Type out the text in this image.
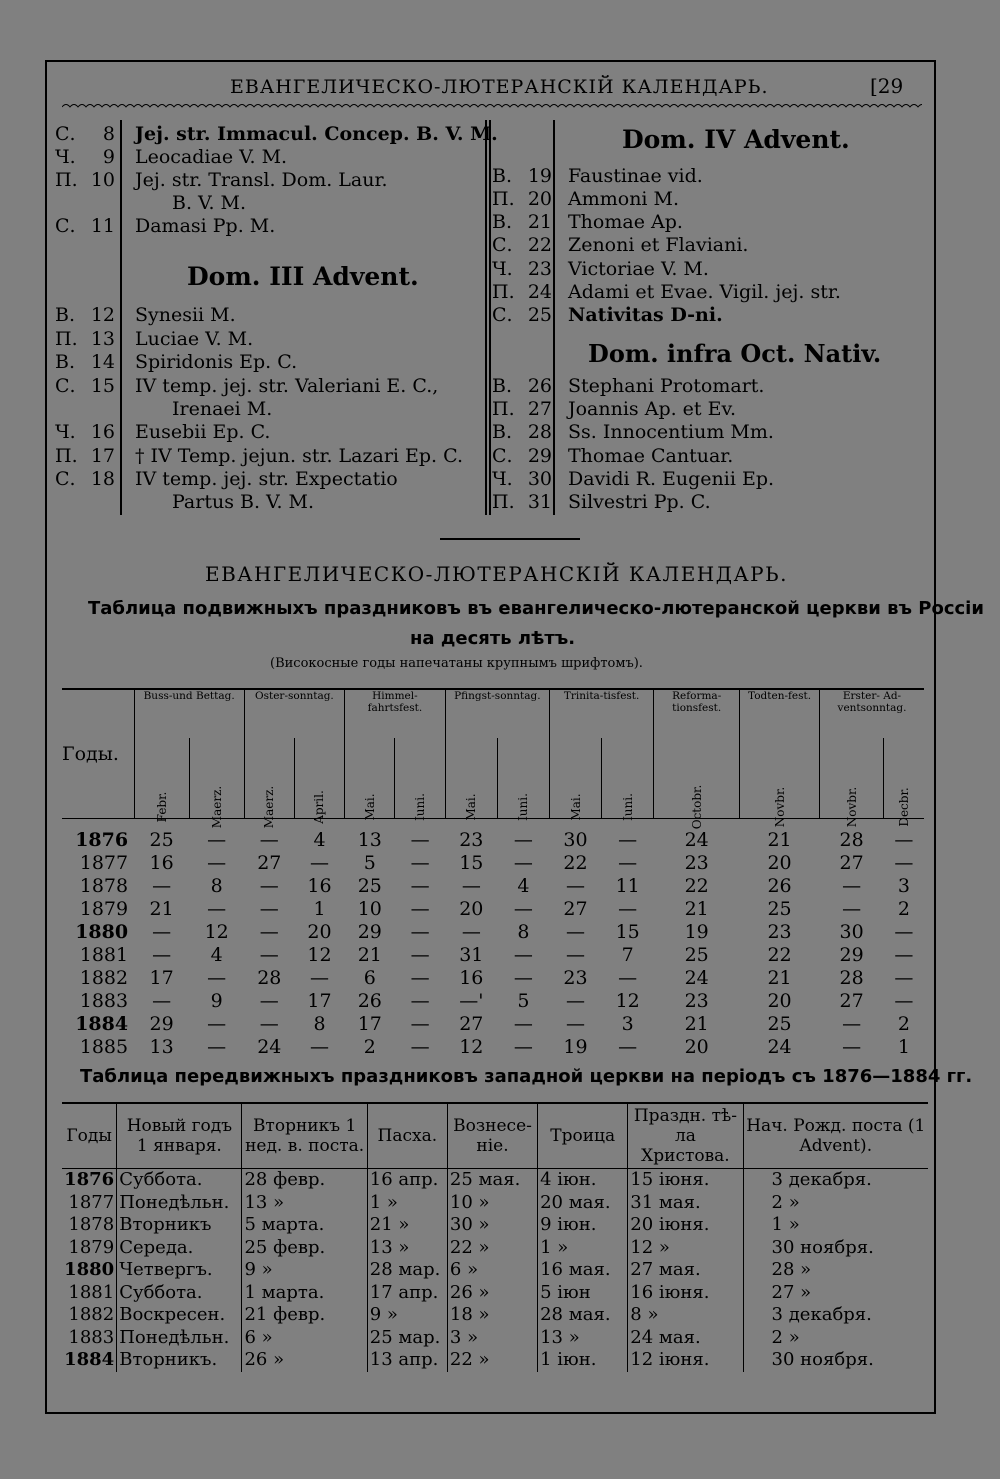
ЕВАНГЕЛИЧЕСКО-ЛЮТЕРАНСКІЙ КАЛЕНДАРЬ.	[29
С.	8 Jej. str. Immacul. Concep. B. V. M.
Ч.	9 Leocadiae V. M.
П. 10 Jej. str. Transl. Dom. Laur.
B. V. M.
С. 11 Damasi Pp. M.
В. 12 Synesii M.
П. 13 Luciae V. M.
В. 14 Spiridonis Ep. C.
С. 15 IV temp. jej. str. Valeriani E. C.,
Irenaei M.
Ч. 16 Eusebii Ep. C.
П. 17 † IV Temp. jejun. str. Lazari Ep. C.
С. 18 IV temp. jej. str. Expectatio
Partus B. V. M.
В. 19 Faustinae vid.
П. 20 Ammoni M.
В. 21 Thomae Ap.
С. 22 Zenoni et Flaviani.
Ч. 23 Victoriae V. M.
П. 24 Adami et Evae. Vigil. jej. str.
С. 25 Nativitas D-ni.
В. 26 Stephani Protomart.
П. 27 Joannis Ap. et Ev.
В. 28 Ss. Innocentium Mm.
С. 29 Thomae Cantuar.
Ч. 30 Davidi R. Eugenii Ep.
П. 31 Silvestri Pp. C.
Dom. III Advent.
Dom. IV Advent.
Dom. infra Oct. Nativ.
ЕВАНГЕЛИЧЕСКО-ЛЮТЕРАНСКІЙ КАЛЕНДАРЬ.
Таблица подвижныхъ праздниковъ въ евангелическо-лютеранской церкви въ Россіи
на десять лѣтъ.
(Високосные годы напечатаны крупнымъ шрифтомъ).
Годы.	Buss-und Bettag.		Oster-sonntag.		Himmel-fahrtsfest.		Pfingst-sonntag.		Trinita-tisfest.		Reforma-tionsfest.	Todten-fest.	Erster- Ad-ventsonntag.	

	Febr.	Maerz.	Maerz.	April.	Mai.	Iuni.	Mai.	Iuni.	Mai.	Iuni.	Octobr.	Novbr.	Novbr.	Decbr.

1876	25	—	—	4	13	—	23	—	30	—	24	21	28	—
1877	16	—	27	—	5	—	15	—	22	—	23	20	27	—
1878	—	8	—	16	25	—	—	4	—	11	22	26	—	3
1879	21	—	—	1	10	—	20	—	27	—	21	25	—	2
1880	—	12	—	20	29	—	—	8	—	15	19	23	30	—
1881	—	4	—	12	21	—	31	—	—	7	25	22	29	—
1882	17	—	28	—	6	—	16	—	23	—	24	21	28	—
1883	—	9	—	17	26	—	—'	5	—	12	23	20	27	—
1884	29	—	—	8	17	—	27	—	—	3	21	25	—	2
1885	13	—	24	—	2	—	12	—	19	—	20	24	—	1
Таблица передвижныхъ праздниковъ западной церкви на періодъ съ 1876—1884 гг.
Годы	Новый годъ 1 января.	Вторникъ 1 нед. в. поста.	Пасха.	Вознесе-ніе.	Троица	Праздн. тѣ-ла Христова.	Нач. Рожд. поста (1 Advent).
1876	Суббота.	28 февр.	16 апр.	25 мая.	4 іюн.	15 іюня.	3 декабря.
1877	Понедѣльн.	13 »	1 »	10 »	20 мая.	31 мая.	2 »
1878	Вторникъ	5 марта.	21 »	30 »	9 іюн.	20 іюня.	1 »
1879	Середа.	25 февр.	13 »	22 »	1 »	12 »	30 ноября.
1880	Четвергъ.	9 »	28 мар.	6 »	16 мая.	27 мая.	28 »
1881	Суббота.	1 марта.	17 апр.	26 »	5 іюн	16 іюня.	27 »
1882	Воскресен.	21 февр.	9 »	18 »	28 мая.	8 »	3 декабря.
1883	Понедѣльн.	6 »	25 мар.	3 »	13 »	24 мая.	2 »
1884	Вторникъ.	26 »	13 апр.	22 »	1 іюн.	12 іюня.	30 ноября.
